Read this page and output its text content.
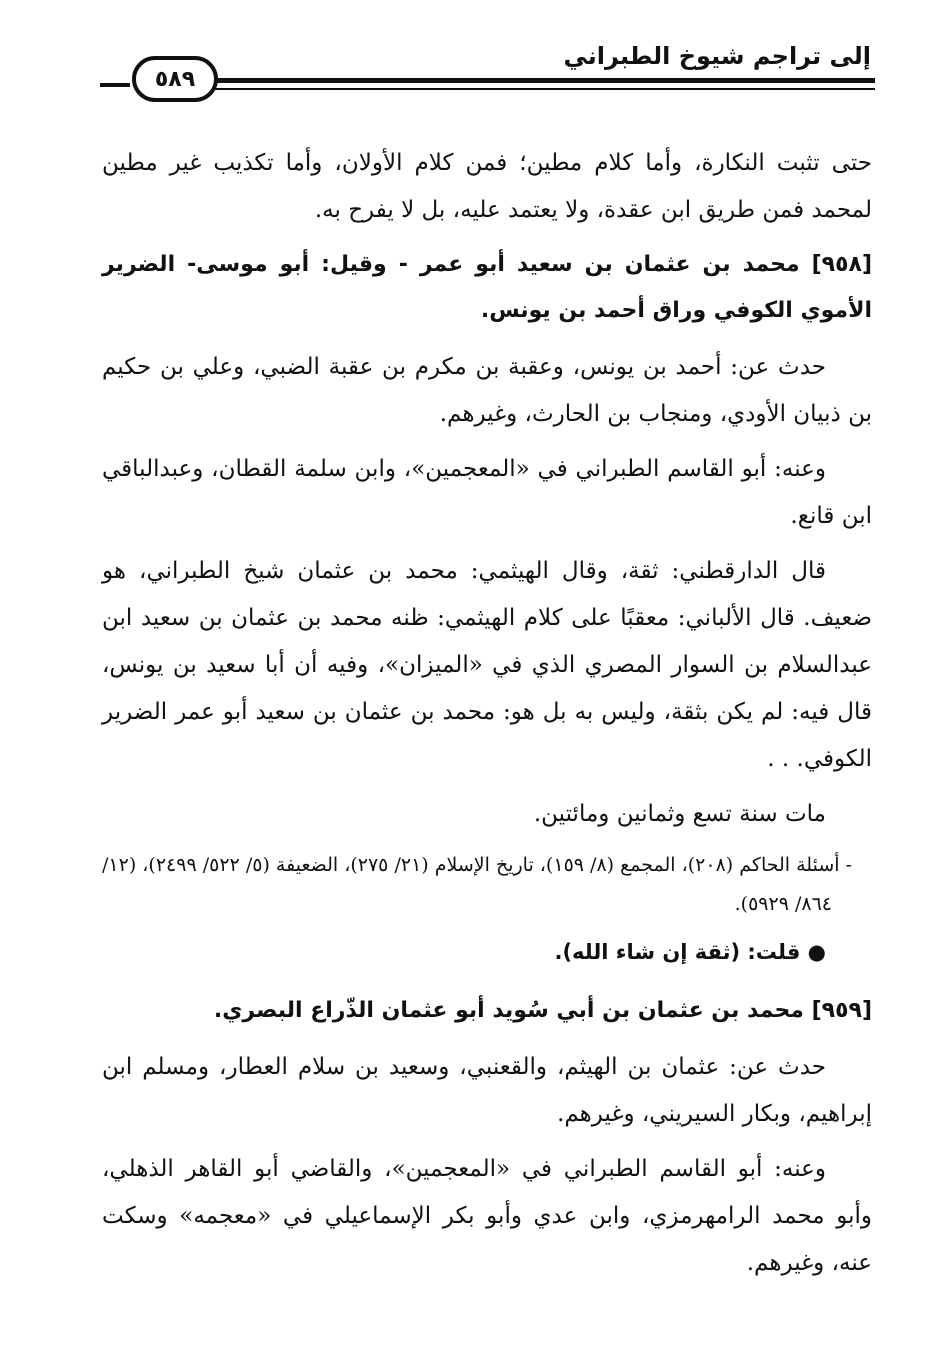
إلى تراجم شيوخ الطبراني
٥٨٩

حتى تثبت النكارة، وأما كلام مطين؛ فمن كلام الأولان، وأما تكذيب غير مطين لمحمد فمن طريق ابن عقدة، ولا يعتمد عليه، بل لا يفرح به.

[٩٥٨] محمد بن عثمان بن سعيد أبو عمر - وقيل: أبو موسى- الضرير الأموي الكوفي وراق أحمد بن يونس.

حدث عن: أحمد بن يونس، وعقبة بن مكرم بن عقبة الضبي، وعلي بن حكيم بن ذبيان الأودي، ومنجاب بن الحارث، وغيرهم.

وعنه: أبو القاسم الطبراني في «المعجمين»، وابن سلمة القطان، وعبدالباقي ابن قانع.

قال الدارقطني: ثقة، وقال الهيثمي: محمد بن عثمان شيخ الطبراني، هو ضعيف. قال الألباني: معقبًا على كلام الهيثمي: ظنه محمد بن عثمان بن سعيد ابن عبدالسلام بن السوار المصري الذي في «الميزان»، وفيه أن أبا سعيد بن يونس، قال فيه: لم يكن بثقة، وليس به بل هو: محمد بن عثمان بن سعيد أبو عمر الضرير الكوفي. . .

مات سنة تسع وثمانين ومائتين.

- أسئلة الحاكم (٢٠٨)، المجمع (٨/ ١٥٩)، تاريخ الإسلام (٢١/ ٢٧٥)، الضعيفة (٥/ ٥٢٢/ ٢٤٩٩)، (١٢/ ٨٦٤/ ٥٩٢٩).

● قلت: (ثقة إن شاء الله).

[٩٥٩] محمد بن عثمان بن أبي سُويد أبو عثمان الذّراع البصري.

حدث عن: عثمان بن الهيثم، والقعنبي، وسعيد بن سلام العطار، ومسلم ابن إبراهيم، وبكار السيريني، وغيرهم.

وعنه: أبو القاسم الطبراني في «المعجمين»، والقاضي أبو القاهر الذهلي، وأبو محمد الرامهرمزي، وابن عدي وأبو بكر الإسماعيلي في «معجمه» وسكت عنه، وغيرهم.
